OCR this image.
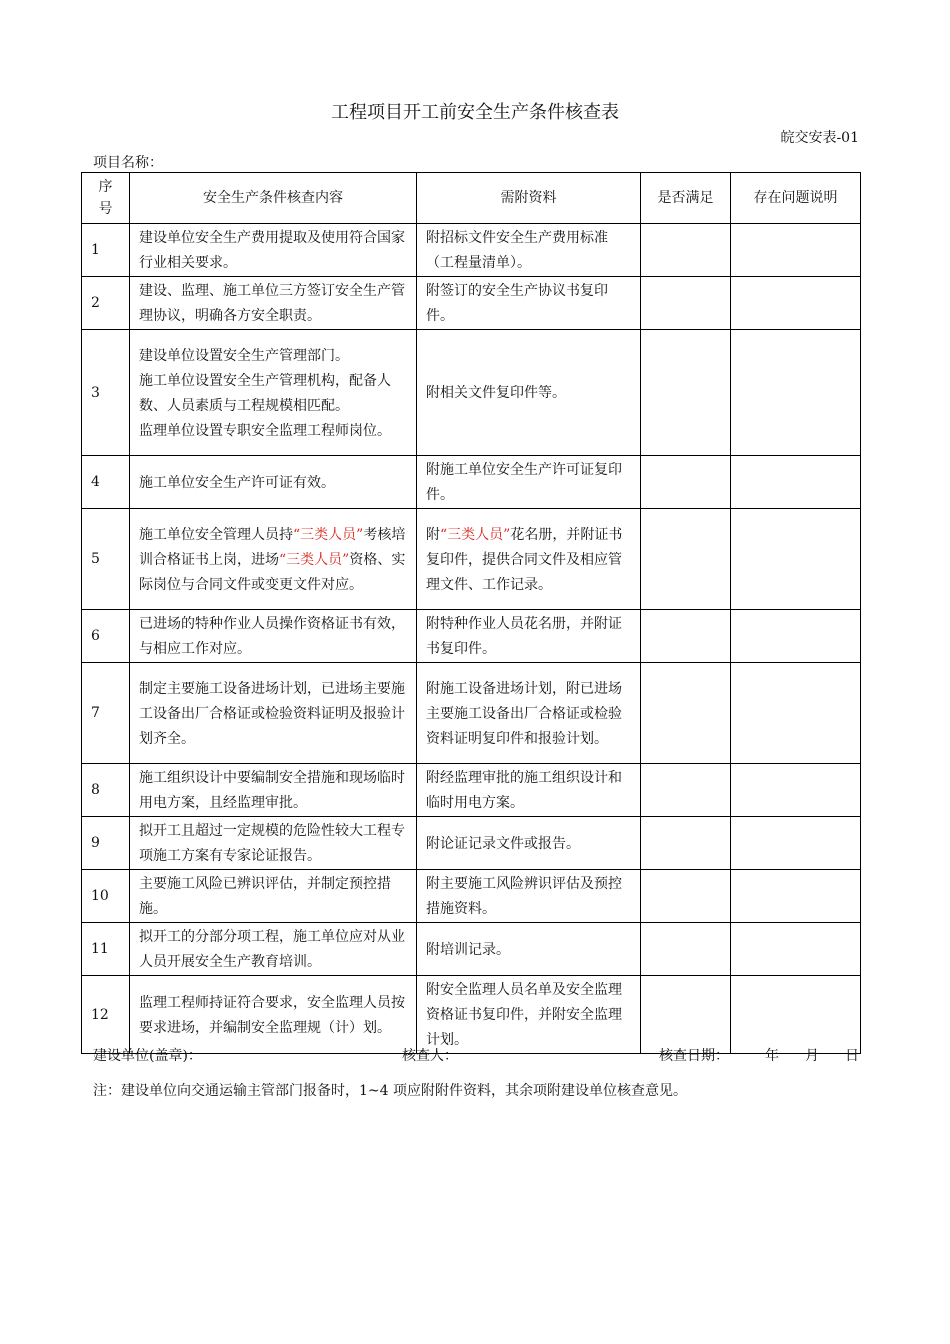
工程项目开工前安全生产条件核查表
皖交安表-01
项目名称：
序号	安全生产条件核查内容	需附资料	是否满足	存在问题说明
1	建设单位安全生产费用提取及使用符合国家行业相关要求。	附招标文件安全生产费用标准（工程量清单）。		
2	建设、监理、施工单位三方签订安全生产管理协议，明确各方安全职责。	附签订的安全生产协议书复印件。		
3	建设单位设置安全生产管理部门。
施工单位设置安全生产管理机构，配备人数、人员素质与工程规模相匹配。
监理单位设置专职安全监理工程师岗位。	附相关文件复印件等。		
4	施工单位安全生产许可证有效。	附施工单位安全生产许可证复印件。		
5	施工单位安全管理人员持“三类人员”考核培训合格证书上岗，进场“三类人员”资格、实际岗位与合同文件或变更文件对应。	附“三类人员”花名册，并附证书复印件，提供合同文件及相应管理文件、工作记录。		
6	已进场的特种作业人员操作资格证书有效，与相应工作对应。	附特种作业人员花名册，并附证书复印件。		
7	制定主要施工设备进场计划，已进场主要施工设备出厂合格证或检验资料证明及报验计划齐全。	附施工设备进场计划，附已进场主要施工设备出厂合格证或检验资料证明复印件和报验计划。		
8	施工组织设计中要编制安全措施和现场临时用电方案，且经监理审批。	附经监理审批的施工组织设计和临时用电方案。		
9	拟开工且超过一定规模的危险性较大工程专项施工方案有专家论证报告。	附论证记录文件或报告。		
10	主要施工风险已辨识评估，并制定预控措施。	附主要施工风险辨识评估及预控措施资料。		
11	拟开工的分部分项工程，施工单位应对从业人员开展安全生产教育培训。	附培训记录。		
12	监理工程师持证符合要求，安全监理人员按要求进场，并编制安全监理规（计）划。	附安全监理人员名单及安全监理资格证书复印件，并附安全监理计划。		
建设单位(盖章)：	核查人：	核查日期：	年 月 日
注：建设单位向交通运输主管部门报备时，1~4 项应附附件资料，其余项附建设单位核查意见。
